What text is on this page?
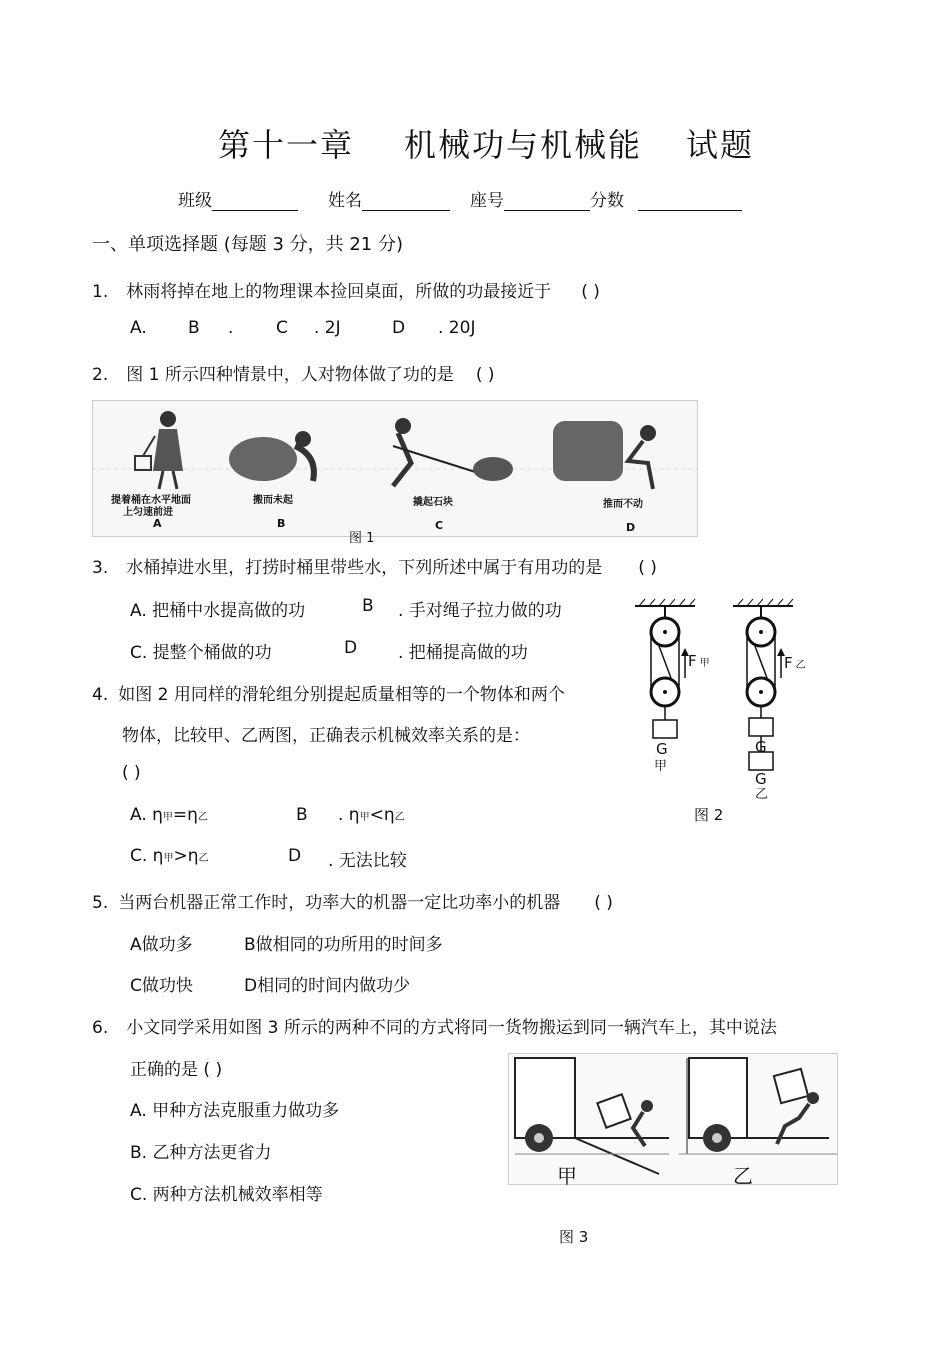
第十一章 机械功与机械能 试题
班级	姓名	座号	分数
一、单项选择题 (每题 3 分，共 21 分)
1. 林雨将掉在地上的物理课本捡回桌面，所做的功最接近于 ( )
A. B .	C . 2J	D . 20J
2. 图 1 所示四种情景中，人对物体做了功的是 ( )
提着桶在水平地面
上匀速前进
A
搬而未起
B
撬起石块
C
推而不动
D
图 1
3. 水桶掉进水里，打捞时桶里带些水，下列所述中属于有用功的是 ( )
A. 把桶中水提高做的功	B . 手对绳子拉力做的功
C. 提整个桶做的功	D . 把桶提高做的功
4. 如图 2 用同样的滑轮组分别提起质量相等的一个物体和两个
物体，比较甲、乙两图，正确表示机械效率关系的是：
( )
A. η甲=η乙	B . η甲<η乙
C. η甲>η乙	D . 无法比较
F甲	F乙
G
甲
G
G
乙
图 2
5. 当两台机器正常工作时，功率大的机器一定比功率小的机器 ( )
A做功多	B做相同的功所用的时间多
C做功快	D相同的时间内做功少
6. 小文同学采用如图 3 所示的两种不同的方式将同一货物搬运到同一辆汽车上，其中说法
正确的是 ( )
A. 甲种方法克服重力做功多
B. 乙种方法更省力
C. 两种方法机械效率相等
甲	乙
图 3
